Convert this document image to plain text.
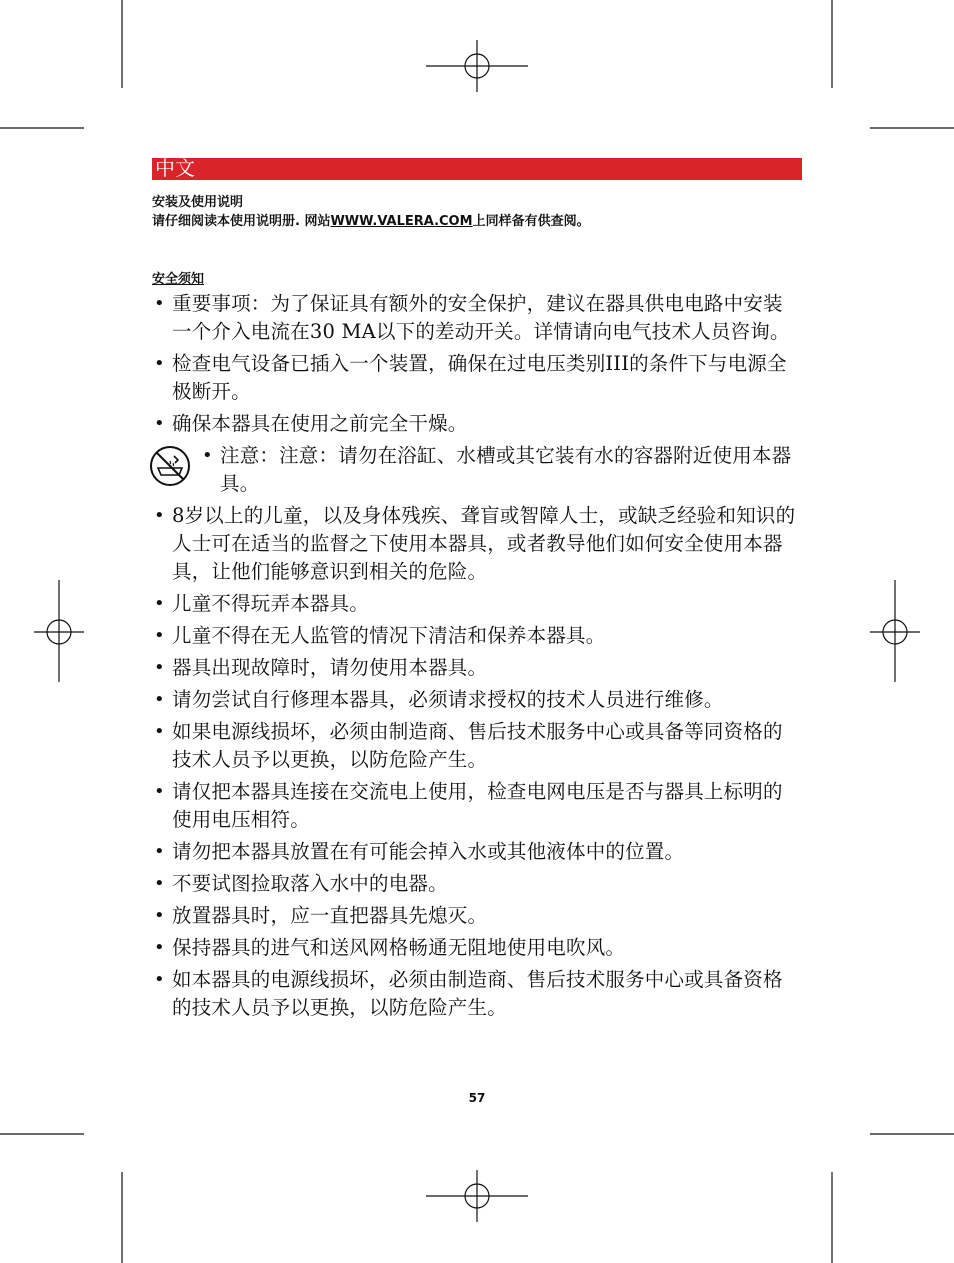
中文
安装及使用说明
请仔细阅读本使用说明册. 网站WWW.VALERA.COM上同样备有供查阅。
安全须知
• 重要事项：为了保证具有额外的安全保护，建议在器具供电电路中安装一个介入电流在30 MA以下的差动开关。详情请向电气技术人员咨询。
• 检查电气设备已插入一个装置，确保在过电压类别III的条件下与电源全极断开。
• 确保本器具在使用之前完全干燥。
• 注意：注意：请勿在浴缸、水槽或其它装有水的容器附近使用本器具。
• 8岁以上的儿童，以及身体残疾、聋盲或智障人士，或缺乏经验和知识的人士可在适当的监督之下使用本器具，或者教导他们如何安全使用本器具，让他们能够意识到相关的危险。
• 儿童不得玩弄本器具。
• 儿童不得在无人监管的情况下清洁和保养本器具。
• 器具出现故障时，请勿使用本器具。
• 请勿尝试自行修理本器具，必须请求授权的技术人员进行维修。
• 如果电源线损坏，必须由制造商、售后技术服务中心或具备等同资格的技术人员予以更换，以防危险产生。
• 请仅把本器具连接在交流电上使用，检查电网电压是否与器具上标明的使用电压相符。
• 请勿把本器具放置在有可能会掉入水或其他液体中的位置。
• 不要试图捡取落入水中的电器。
• 放置器具时，应一直把器具先熄灭。
• 保持器具的进气和送风网格畅通无阻地使用电吹风。
• 如本器具的电源线损坏，必须由制造商、售后技术服务中心或具备资格的技术人员予以更换，以防危险产生。
57
